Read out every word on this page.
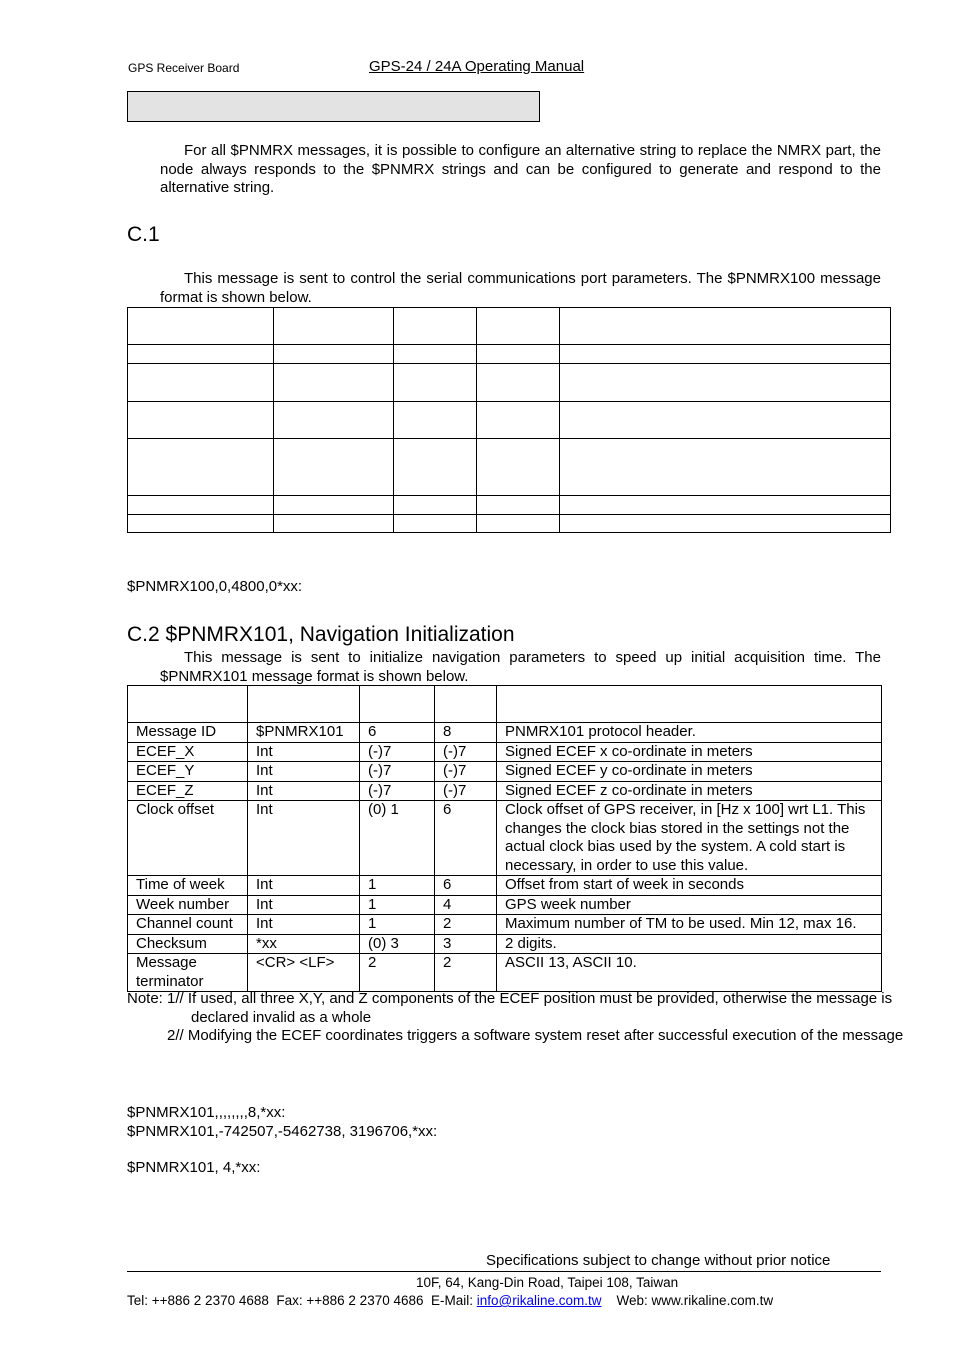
GPS Receiver Board	GPS-24 / 24A Operating Manual
For all $PNMRX messages, it is possible to configure an alternative string to replace the NMRX part, the node always responds to the $PNMRX strings and can be configured to generate and respond to the alternative string.
C.1
This message is sent to control the serial communications port parameters. The $PNMRX100 message format is shown below.

$PNMRX100,0,4800,0*xx:
C.2 $PNMRX101, Navigation Initialization
This message is sent to initialize navigation parameters to speed up initial acquisition time. The $PNMRX101 message format is shown below.

Message ID	$PNMRX101	6	8	PNMRX101 protocol header.
ECEF_X	Int	(-)7	(-)7	Signed ECEF x co-ordinate in meters
ECEF_Y	Int	(-)7	(-)7	Signed ECEF y co-ordinate in meters
ECEF_Z	Int	(-)7	(-)7	Signed ECEF z co-ordinate in meters
Clock offset	Int	(0) 1	6	Clock offset of GPS receiver, in [Hz x 100] wrt L1. This changes the clock bias stored in the settings not the actual clock bias used by the system. A cold start is necessary, in order to use this value.
Time of week	Int	1	6	Offset from start of week in seconds
Week number	Int	1	4	GPS week number
Channel count	Int	1	2	Maximum number of TM to be used. Min 12, max 16.
Checksum	*xx	(0) 3	3	2 digits.
Message terminator	<CR> <LF>	2	2	ASCII 13, ASCII 10.
Note: 1// If used, all three X,Y, and Z components of the ECEF position must be provided, otherwise the message is declared invalid as a whole
2// Modifying the ECEF coordinates triggers a software system reset after successful execution of the message
$PNMRX101,,,,,,,,8,*xx:
$PNMRX101,-742507,-5462738, 3196706,*xx:
$PNMRX101, 4,*xx:
Specifications subject to change without prior notice
10F, 64, Kang-Din Road, Taipei 108, Taiwan
Tel: ++886 2 2370 4688  Fax: ++886 2 2370 4686  E-Mail: info@rikaline.com.tw Web: www.rikaline.com.tw
